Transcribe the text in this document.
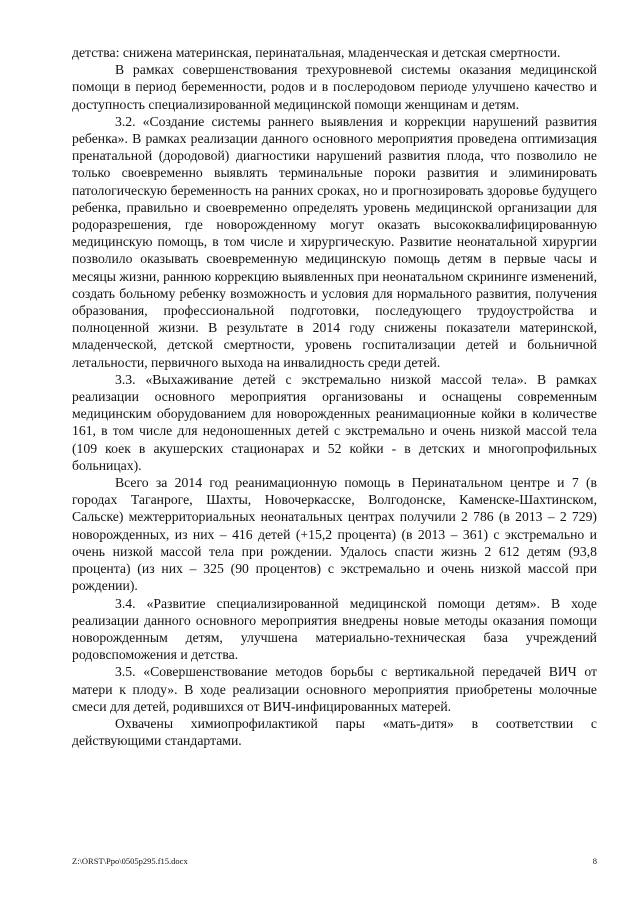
детства: снижена материнская, перинатальная, младенческая и детская смертности.

В рамках совершенствования трехуровневой системы оказания медицинской помощи в период беременности, родов и в послеродовом периоде улучшено качество и доступность специализированной медицинской помощи женщинам и детям.

3.2. «Создание системы раннего выявления и коррекции нарушений развития ребенка». В рамках реализации данного основного мероприятия проведена оптимизация пренатальной (дородовой) диагностики нарушений развития плода, что позволило не только своевременно выявлять терминальные пороки развития и элиминировать патологическую беременность на ранних сроках, но и прогнозировать здоровье будущего ребенка, правильно и своевременно определять уровень медицинской организации для родоразрешения, где новорожденному могут оказать высококвалифицированную медицинскую помощь, в том числе и хирургическую. Развитие неонатальной хирургии позволило оказывать своевременную медицинскую помощь детям в первые часы и месяцы жизни, раннюю коррекцию выявленных при неонатальном скрининге изменений, создать больному ребенку возможность и условия для нормального развития, получения образования, профессиональной подготовки, последующего трудоустройства и полноценной жизни. В результате в 2014 году снижены показатели материнской, младенческой, детской смертности, уровень госпитализации детей и больничной летальности, первичного выхода на инвалидность среди детей.

3.3. «Выхаживание детей с экстремально низкой массой тела». В рамках реализации основного мероприятия организованы и оснащены современным медицинским оборудованием для новорожденных реанимационные койки в количестве 161, в том числе для недоношенных детей с экстремально и очень низкой массой тела (109 коек в акушерских стационарах и 52 койки - в детских и многопрофильных больницах).

Всего за 2014 год реанимационную помощь в Перинатальном центре и 7 (в городах Таганроге, Шахты, Новочеркасске, Волгодонске, Каменске-Шахтинском, Сальске) межтерриториальных неонатальных центрах получили 2 786 (в 2013 – 2 729) новорожденных, из них – 416 детей (+15,2 процента) (в 2013 – 361) с экстремально и очень низкой массой тела при рождении. Удалось спасти жизнь 2 612 детям (93,8 процента) (из них – 325 (90 процентов) с экстремально и очень низкой массой при рождении).

3.4. «Развитие специализированной медицинской помощи детям». В ходе реализации данного основного мероприятия внедрены новые методы оказания помощи новорожденным детям, улучшена материально-техническая база учреждений родовспоможения и детства.

3.5. «Совершенствование методов борьбы с вертикальной передачей ВИЧ от матери к плоду». В ходе реализации основного мероприятия приобретены молочные смеси для детей, родившихся от ВИЧ-инфицированных матерей.

Охвачены химиопрофилактикой пары «мать-дитя» в соответствии с действующими стандартами.

Z:\ORST\Ppo\0505p295.f15.docx	8
